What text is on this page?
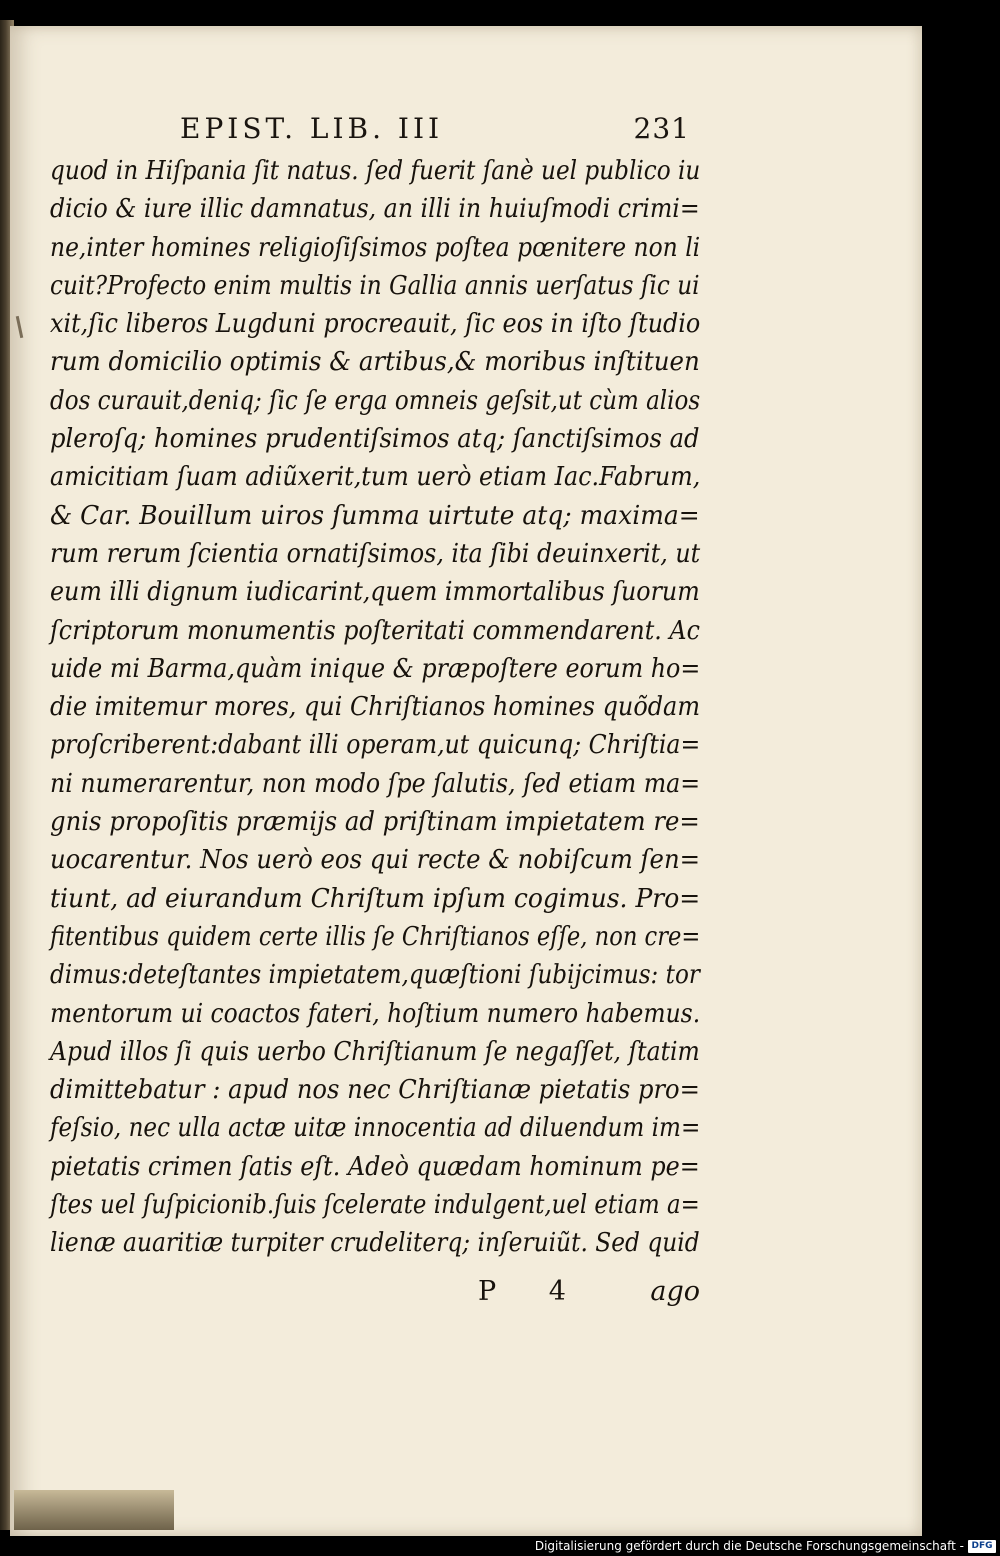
EPIST. LIB. III	231
quod in Hiſpania ſit natus. ſed fuerit ſanè uel publico iu
dicio & iure illic damnatus, an illi in huiuſmodi crimi=
ne,inter homines religioſiſsimos poſtea pœnitere non li
cuit?Profecto enim multis in Gallia annis uerſatus ſic ui
xit,ſic liberos Lugduni procreauit, ſic eos in iſto ſtudio
rum domicilio optimis & artibus,& moribus inſtituen
dos curauit,deniq; ſic ſe erga omneis geſsit,ut cùm alios
pleroſq; homines prudentiſsimos atq; ſanctiſsimos ad
amicitiam ſuam adiũxerit,tum uerò etiam Iac.Fabrum,
& Car. Bouillum uiros ſumma uirtute atq; maxima=
rum rerum ſcientia ornatiſsimos, ita ſibi deuinxerit, ut
eum illi dignum iudicarint,quem immortalibus ſuorum
ſcriptorum monumentis poſteritati commendarent. Ac
uide mi Barma,quàm inique & præpoſtere eorum ho=
die imitemur mores, qui Chriſtianos homines quõdam
proſcriberent:dabant illi operam,ut quicunq; Chriſtia=
ni numerarentur, non modo ſpe ſalutis, ſed etiam ma=
gnis propoſitis præmijs ad priſtinam impietatem re=
uocarentur. Nos uerò eos qui recte & nobiſcum ſen=
tiunt, ad eiurandum Chriſtum ipſum cogimus. Pro=
fitentibus quidem certe illis ſe Chriſtianos eſſe, non cre=
dimus:deteſtantes impietatem,quæſtioni ſubijcimus: tor
mentorum ui coactos fateri, hoſtium numero habemus.
Apud illos ſi quis uerbo Chriſtianum ſe negaſſet, ſtatim
dimittebatur : apud nos nec Chriſtianæ pietatis pro=
feſsio, nec ulla actæ uitæ innocentia ad diluendum im=
pietatis crimen ſatis eſt. Adeò quædam hominum pe=
ſtes uel ſuſpicionib.ſuis ſcelerate indulgent,uel etiam a=
lienæ auaritiæ turpiter crudeliterq; inſeruiũt. Sed quid
P 4 ago
Digitalisierung gefördert durch die Deutsche Forschungsgemeinschaft - DFG
